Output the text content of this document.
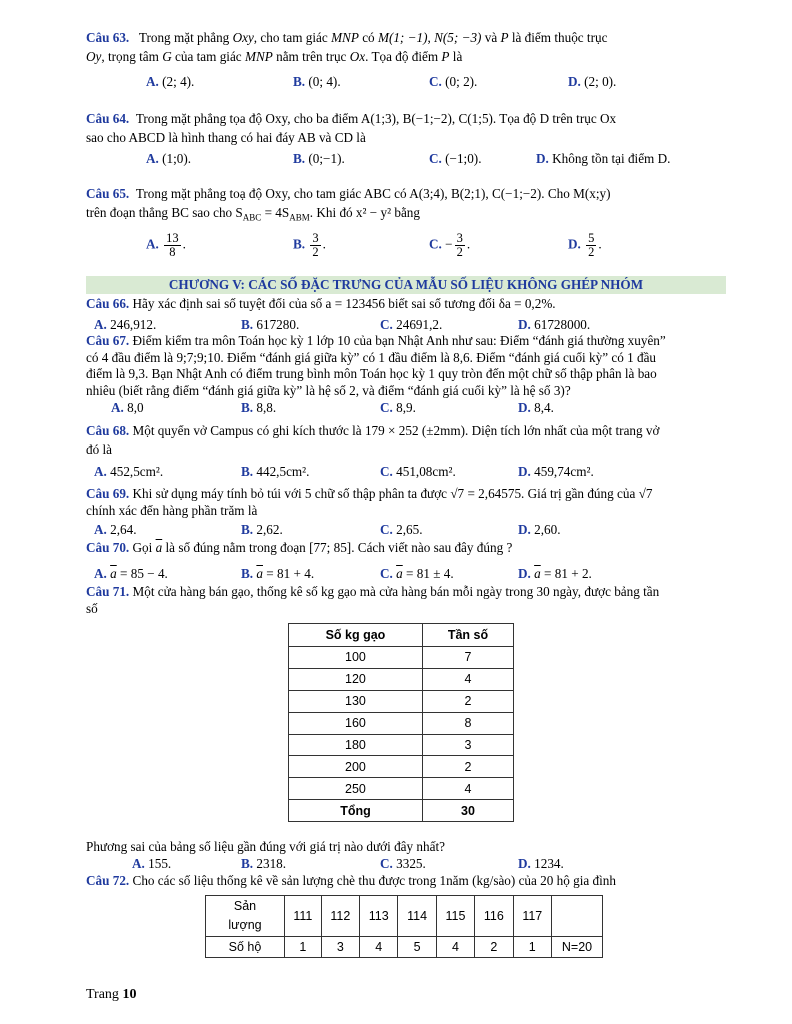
Câu 63. Trong mặt phẳng Oxy, cho tam giác MNP có M(1; −1), N(5; −3) và P là điểm thuộc trục
Oy, trọng tâm G của tam giác MNP nằm trên trục Ox. Tọa độ điểm P là
A. (2; 4).	B. (0; 4).	C. (0; 2).	D. (2; 0).
Câu 64. Trong mặt phẳng tọa độ Oxy, cho ba điểm A(1;3), B(−1;−2), C(1;5). Tọa độ D trên trục Ox
sao cho ABCD là hình thang có hai đáy AB và CD là
A. (1;0).	B. (0;−1).	C. (−1;0).	D. Không tồn tại điểm D.
Câu 65. Trong mặt phẳng toạ độ Oxy, cho tam giác ABC có A(3;4), B(2;1), C(−1;−2). Cho M(x;y)
trên đoạn thẳng BC sao cho $S_{ABC} = 4S_{ABM}$. Khi đó x² − y² bằng
A. $\frac{13}{8}$ .	B. $\frac{3}{2}$ .	C. − $\frac{3}{2}$ .	D. $\frac{5}{2}$ .
CHƯƠNG V: CÁC SỐ ĐẶC TRƯNG CỦA MẪU SỐ LIỆU KHÔNG GHÉP NHÓM
Câu 66. Hãy xác định sai số tuyệt đối của số a = 123456 biết sai số tương đối δa = 0,2%.
A. 246,912.	B. 617280.	C. 24691,2.	D. 61728000.
Câu 67. Điểm kiểm tra môn Toán học kỳ 1 lớp 10 của bạn Nhật Anh như sau: Điểm “đánh giá thường xuyên”
có 4 đầu điểm là 9;7;9;10. Điểm “đánh giá giữa kỳ” có 1 đầu điểm là 8,6. Điểm “đánh giá cuối kỳ” có 1 đầu
điểm là 9,3. Bạn Nhật Anh có điểm trung bình môn Toán học kỳ 1 quy tròn đến một chữ số thập phân là bao
nhiêu (biết rằng điểm “đánh giá giữa kỳ” là hệ số 2, và điểm “đánh giá cuối kỳ” là hệ số 3)?
A. 8,0	B. 8,8.	C. 8,9.	D. 8,4.
Câu 68. Một quyển vở Campus có ghi kích thước là 179 × 252 (±2mm). Diện tích lớn nhất của một trang vở
đó là
A. 452,5cm².	B. 442,5cm².	C. 451,08cm².	D. 459,74cm².
Câu 69. Khi sử dụng máy tính bỏ túi với 5 chữ số thập phân ta được √7 = 2,64575. Giá trị gần đúng của √7
chính xác đến hàng phần trăm là
A. 2,64.	B. 2,62.	C. 2,65.	D. 2,60.
Câu 70. Gọi $\overline{a}$ là số đúng nằm trong đoạn [77; 85]. Cách viết nào sau đây đúng ?
A. $\overline{a} = 85 - 4$.	B. $\overline{a} = 81 + 4$.	C. $\overline{a} = 81 \pm 4$.	D. $\overline{a} = 81 + 2$.
Câu 71. Một cửa hàng bán gạo, thống kê số kg gạo mà cửa hàng bán mỗi ngày trong 30 ngày, được bảng tần
số
Số kg gạo	Tần số
100	7
120	4
130	2
160	8
180	3
200	2
250	4
Tổng	30
Phương sai của bảng số liệu gần đúng với giá trị nào dưới đây nhất?
A. 155.	B. 2318.	C. 3325.	D. 1234.
Câu 72. Cho các số liệu thống kê về sản lượng chè thu được trong 1năm (kg/sào) của 20 hộ gia đình
Sản
lượng	111	112	113	114	115	116	117	
Số hộ	1	3	4	5	4	2	1	N=20
Trang 10
